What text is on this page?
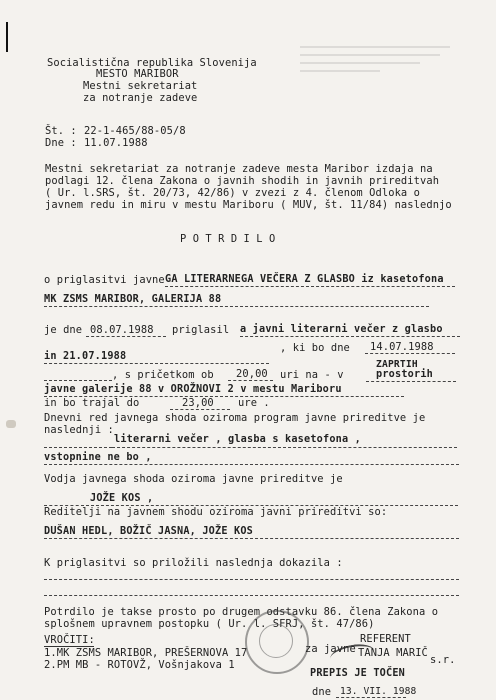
Socialistična republika Slovenija
MESTO MARIBOR
Mestni sekretariat
za notranje zadeve
Št. : 22-1-465/88-05/8
Dne : 11.07.1988
Mestni sekretariat za notranje zadeve mesta Maribor izdaja na
podlagi 12. člena Zakona o javnih shodih in javnih prireditvah
( Ur. l.SRS, št. 20/73, 42/86) v zvezi z 4. členom Odloka o
javnem redu in miru v mestu Mariboru ( MUV, št. 11/84) naslednjo
P O T R D I L O
o priglasitvi javne GA LITERARNEGA VEČERA Z GLASBO iz kasetofona
MK ZSMS MARIBOR, GALERIJA 88
je dne 08.07.1988 priglasil a javni literarni večer z glasbo
, ki bo dne 14.07.1988
in 21.07.1988
, s pričetkom ob 20,00 uri na - v
ZAPRTIH
prostorih
javne galerije 88 v OROŽNOVI 2 v mestu Mariboru
in bo trajal do	23,00 ure .
Dnevni red javnega shoda oziroma program javne prireditve je
naslednji :
literarni večer , glasba s kasetofona ,
vstopnine ne bo ,
Vodja javnega shoda oziroma javne prireditve je
JOŽE KOS ,
Reditelji na javnem shodu oziroma javni prireditvi so:
DUŠAN HEDL, BOŽIČ JASNA, JOŽE KOS
K priglasitvi so priložili naslednja dokazila :
Potrdilo je takse prosto po drugem odstavku 86. člena Zakona o
splošnem upravnem postopku ( Ur. l. SFRJ, št. 47/86)
VROČITI:
1.MK ZSMS MARIBOR, PREŠERNOVA 17
2.PM MB - ROTOVŽ, Vošnjakova 1
REFERENT
za javne TANJA MARIČ
s.r.
PREPIS JE TOČEN
dne 13. VII. 1988
